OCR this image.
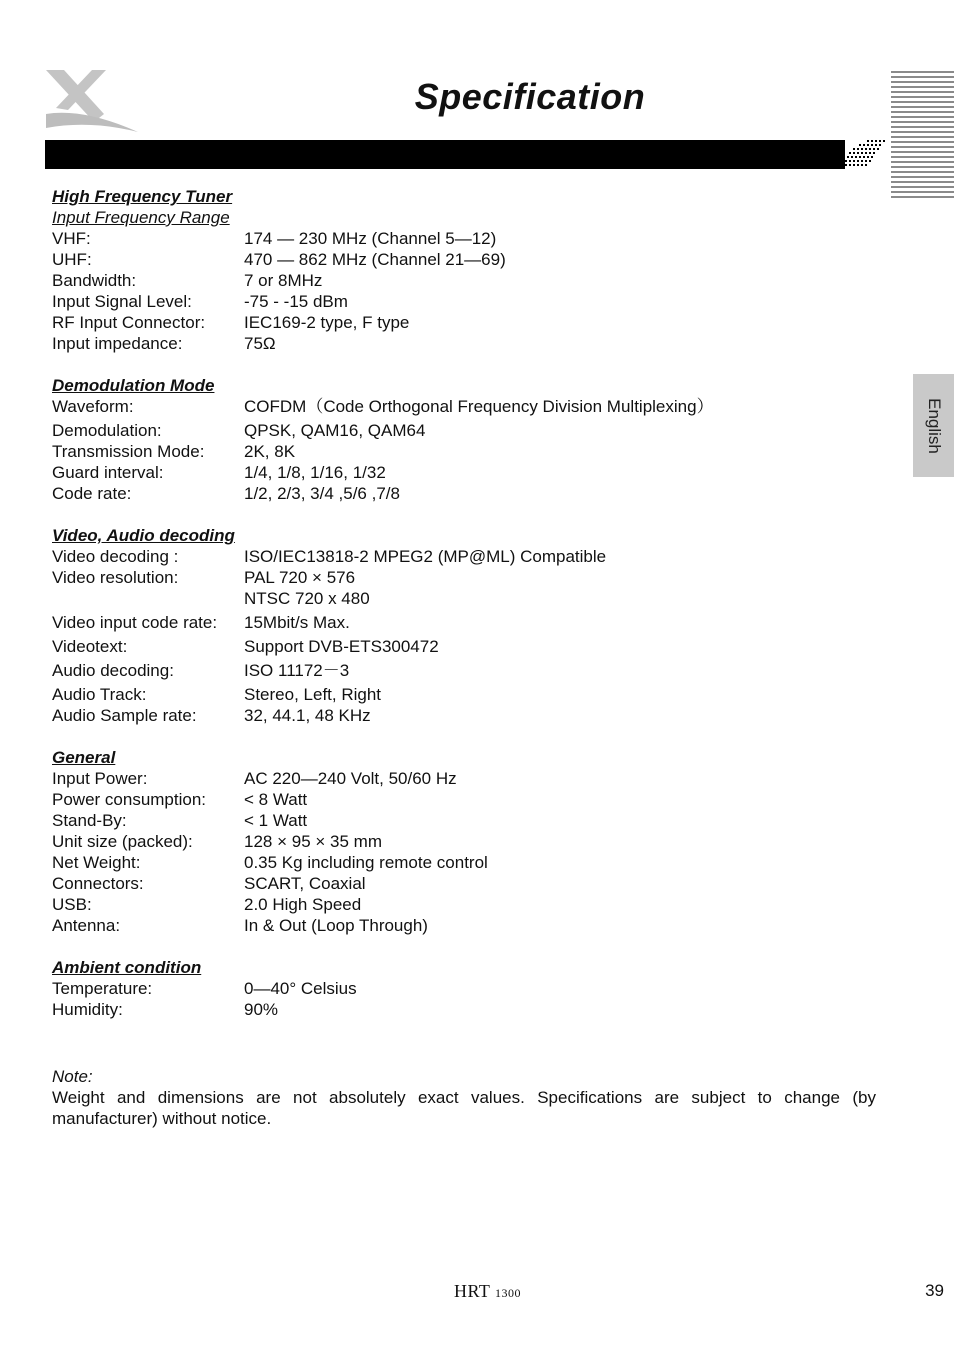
Specification
English
High Frequency Tuner
Input Frequency Range
VHF:	174 — 230 MHz (Channel 5—12)
UHF:	470 — 862 MHz (Channel 21—69)
Bandwidth:	7 or 8MHz
Input Signal Level:	-75 - -15 dBm
RF Input Connector:	IEC169-2 type, F type
Input impedance:	75Ω
Demodulation Mode
Waveform:	COFDM（Code Orthogonal Frequency Division Multiplexing）
Demodulation:	QPSK, QAM16, QAM64
Transmission Mode:	2K, 8K
Guard interval:	1/4, 1/8, 1/16, 1/32
Code rate:	1/2, 2/3, 3/4 ,5/6 ,7/8
Video, Audio decoding
Video decoding :	ISO/IEC13818-2 MPEG2 (MP@ML) Compatible
Video resolution:	PAL 720 × 576
NTSC 720 x 480
Video input code rate:	15Mbit/s Max.
Videotext:	Support DVB-ETS300472
Audio decoding:	ISO 11172－3
Audio Track:	Stereo, Left, Right
Audio Sample rate:	32, 44.1, 48 KHz
General
Input Power:	AC 220—240 Volt, 50/60 Hz
Power consumption:	< 8 Watt
Stand-By:	< 1 Watt
Unit size (packed):	128 × 95 × 35 mm
Net Weight:	0.35 Kg including remote control
Connectors:	SCART, Coaxial
USB:	2.0 High Speed
Antenna:	In & Out (Loop Through)
Ambient condition
Temperature:	0—40° Celsius
Humidity:	90%
Note:
Weight and dimensions are not absolutely exact values. Specifications are subject to change (by manufacturer) without notice.
HRT 1300	39
